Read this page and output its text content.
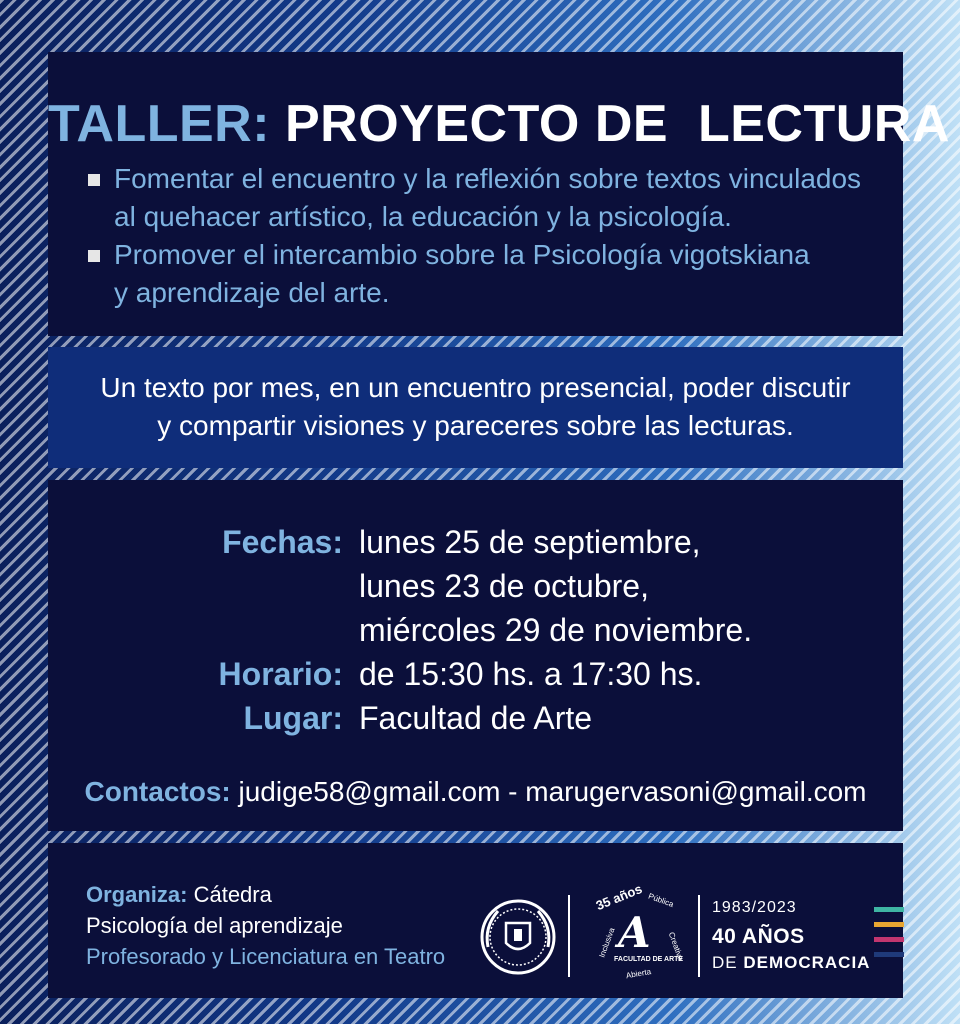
TALLER: PROYECTO DE  LECTURA
Fomentar el encuentro y la reflexión sobre textos vinculados
al quehacer artístico, la educación y la psicología.
Promover el intercambio sobre la Psicología vigotskiana
y aprendizaje del arte.
Un texto por mes, en un encuentro presencial, poder discutir
y compartir visiones y pareceres sobre las lecturas.
Fechas: lunes 25 de septiembre,
lunes 23 de octubre,
miércoles 29 de noviembre.
Horario: de 15:30 hs. a 17:30 hs.
Lugar: Facultad de Arte
Contactos: judige58@gmail.com - marugervasoni@gmail.com
Organiza: Cátedra
Psicología del aprendizaje
Profesorado y Licenciatura en Teatro
35 años Pública
Creativa
Abierta
Inclusiva A
FACULTAD DE ARTE
1983/2023
40 AÑOS
DE DEMOCRACIA
